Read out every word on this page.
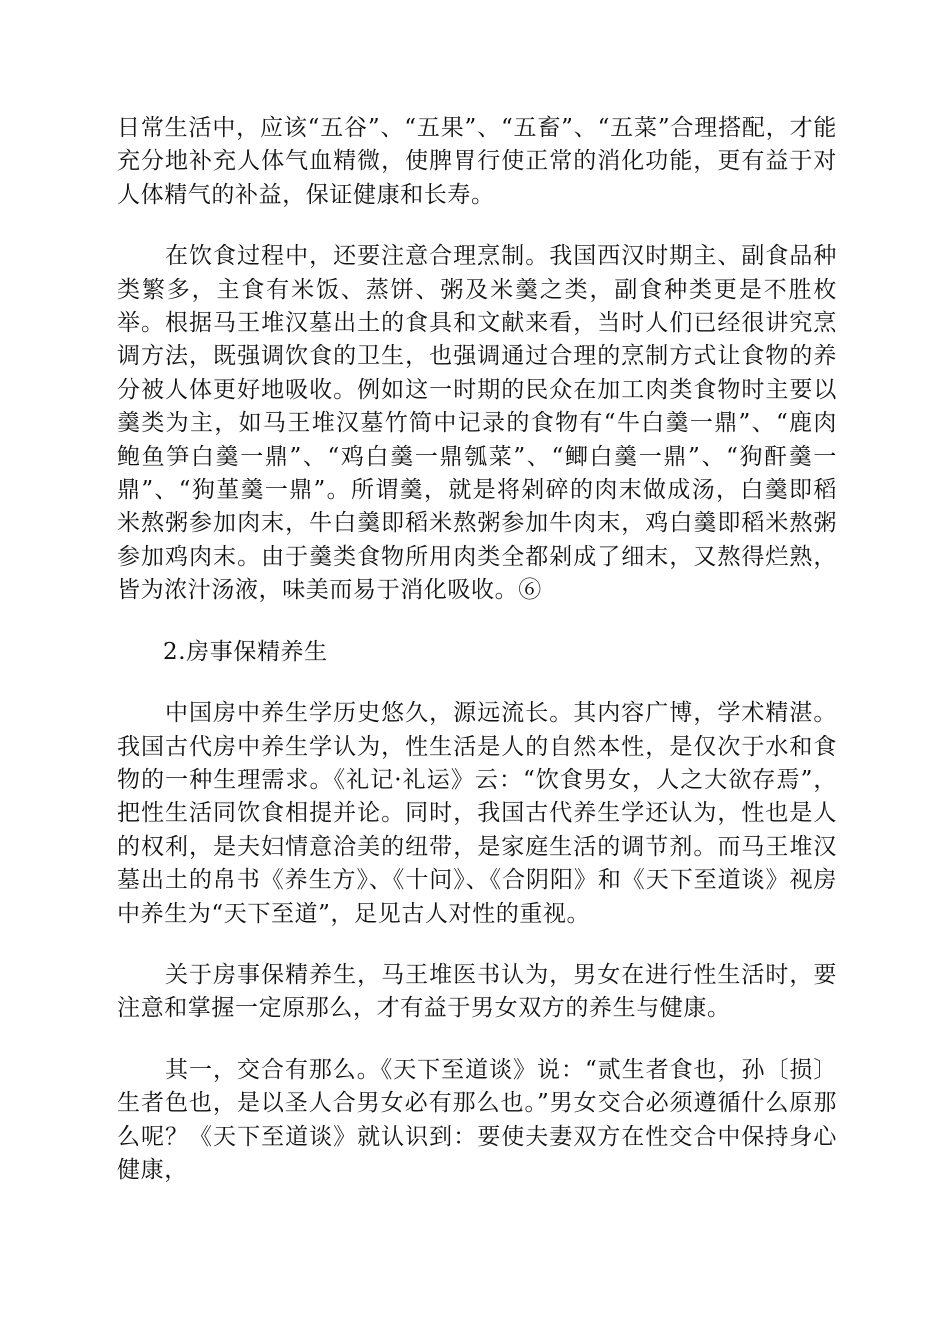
日常生活中，应该“五谷”、“五果”、“五畜”、“五菜”合理搭配，才能充分地补充人体气血精微，使脾胃行使正常的消化功能，更有益于对人体精气的补益，保证健康和长寿。

在饮食过程中，还要注意合理烹制。我国西汉时期主、副食品种类繁多，主食有米饭、蒸饼、粥及米羹之类，副食种类更是不胜枚举。根据马王堆汉墓出土的食具和文献来看，当时人们已经很讲究烹调方法，既强调饮食的卫生，也强调通过合理的烹制方式让食物的养分被人体更好地吸收。例如这一时期的民众在加工肉类食物时主要以羹类为主，如马王堆汉墓竹简中记录的食物有“牛白羹一鼎”、“鹿肉鲍鱼笋白羹一鼎”、“鸡白羹一鼎瓠菜”、“鲫白羹一鼎”、“狗酐羹一鼎”、“狗堇羹一鼎”。所谓羹，就是将剁碎的肉末做成汤，白羹即稻米熬粥参加肉末，牛白羹即稻米熬粥参加牛肉末，鸡白羹即稻米熬粥参加鸡肉末。由于羹类食物所用肉类全都剁成了细末，又熬得烂熟，皆为浓汁汤液，味美而易于消化吸收。⑥

2.房事保精养生

中国房中养生学历史悠久，源远流长。其内容广博，学术精湛。我国古代房中养生学认为，性生活是人的自然本性，是仅次于水和食物的一种生理需求。《礼记·礼运》云：“饮食男女，人之大欲存焉”，把性生活同饮食相提并论。同时，我国古代养生学还认为，性也是人的权利，是夫妇情意洽美的纽带，是家庭生活的调节剂。而马王堆汉墓出土的帛书《养生方》、《十问》、《合阴阳》和《天下至道谈》视房中养生为“天下至道”，足见古人对性的重视。

关于房事保精养生，马王堆医书认为，男女在进行性生活时，要注意和掌握一定原那么，才有益于男女双方的养生与健康。

其一，交合有那么。《天下至道谈》说：“贰生者食也，孙〔损〕生者色也，是以圣人合男女必有那么也。”男女交合必须遵循什么原那么呢？《天下至道谈》就认识到：要使夫妻双方在性交合中保持身心健康，
